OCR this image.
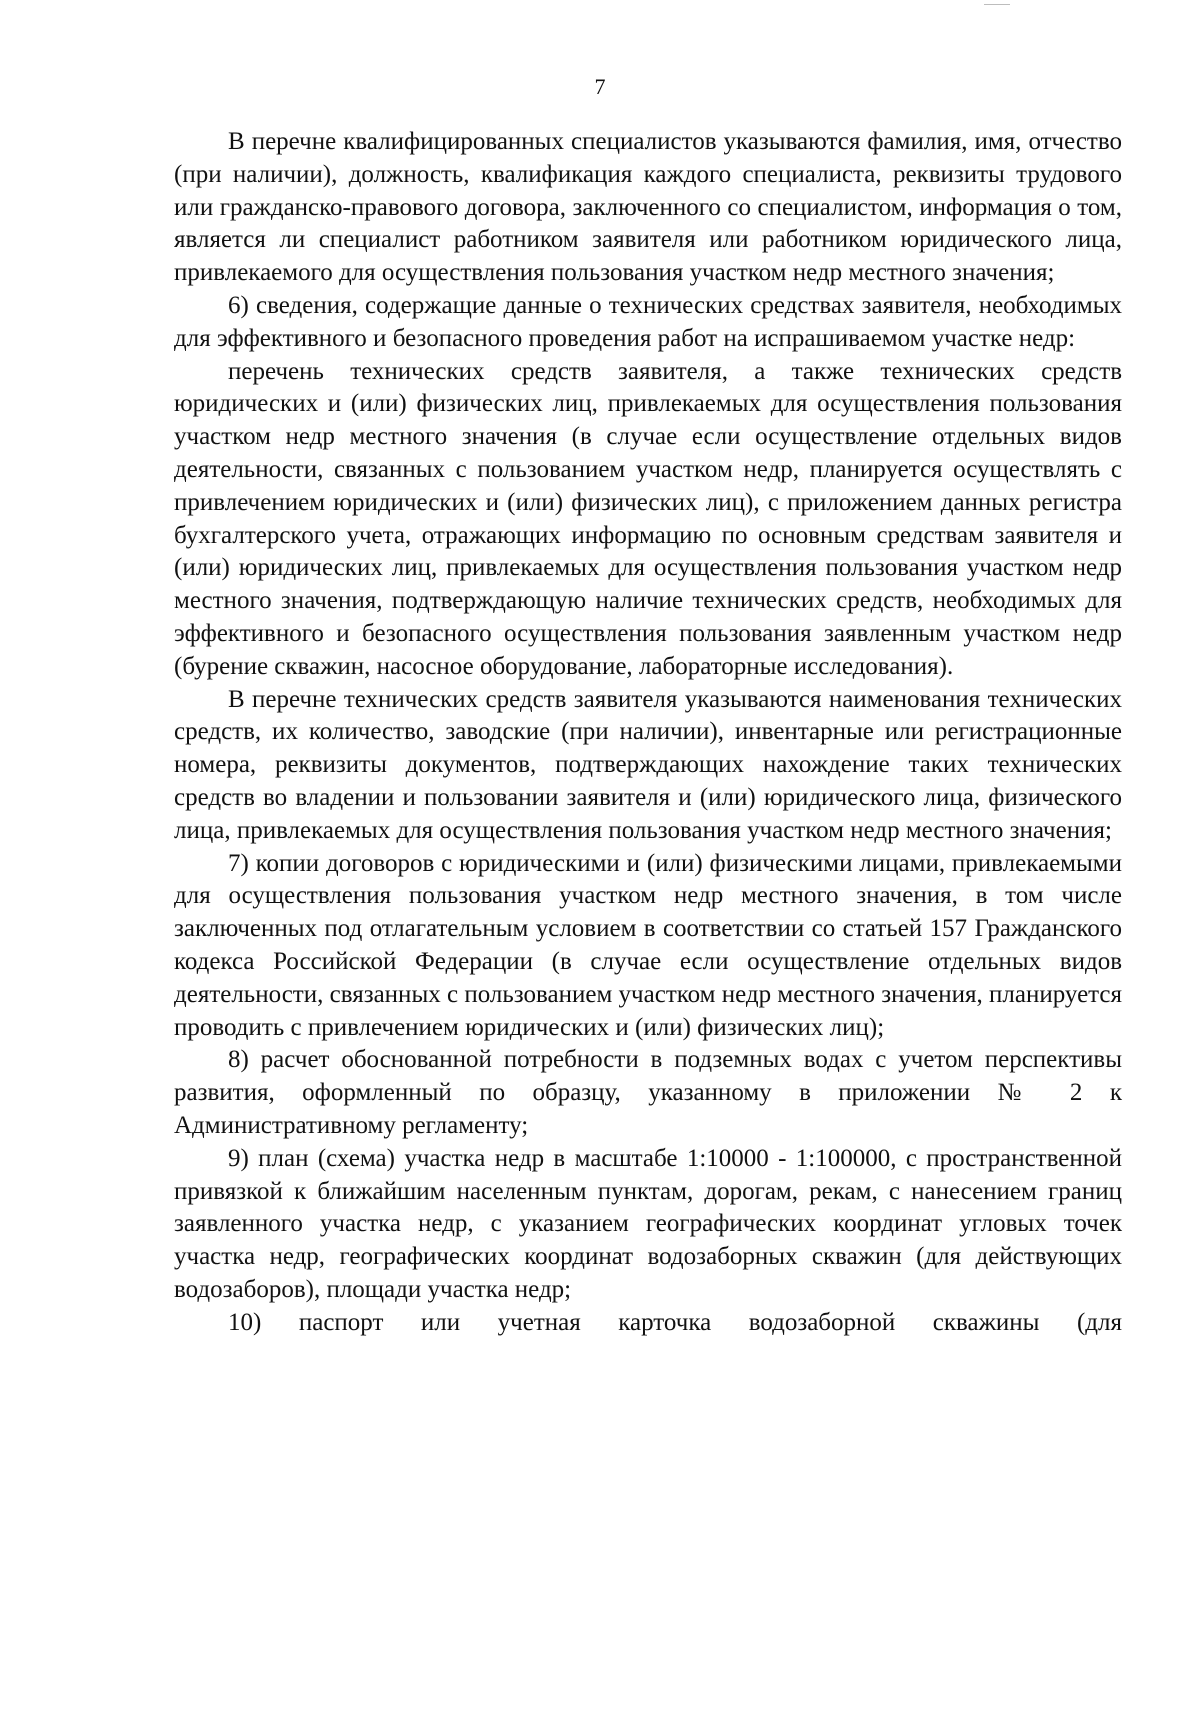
7

В перечне квалифицированных специалистов указываются фамилия, имя, отчество (при наличии), должность, квалификация каждого специалиста, реквизиты трудового или гражданско-правового договора, заключенного со специалистом, информация о том, является ли специалист работником заявителя или работником юридического лица, привлекаемого для осуществления пользования участком недр местного значения;

6) сведения, содержащие данные о технических средствах заявителя, необходимых для эффективного и безопасного проведения работ на испрашиваемом участке недр:

перечень технических средств заявителя, а также технических средств юридических и (или) физических лиц, привлекаемых для осуществления пользования участком недр местного значения (в случае если осуществление отдельных видов деятельности, связанных с пользованием участком недр, планируется осуществлять с привлечением юридических и (или) физических лиц), с приложением данных регистра бухгалтерского учета, отражающих информацию по основным средствам заявителя и (или) юридических лиц, привлекаемых для осуществления пользования участком недр местного значения, подтверждающую наличие технических средств, необходимых для эффективного и безопасного осуществления пользования заявленным участком недр (бурение скважин, насосное оборудование, лабораторные исследования).

В перечне технических средств заявителя указываются наименования технических средств, их количество, заводские (при наличии), инвентарные или регистрационные номера, реквизиты документов, подтверждающих нахождение таких технических средств во владении и пользовании заявителя и (или) юридического лица, физического лица, привлекаемых для осуществления пользования участком недр местного значения;

7) копии договоров с юридическими и (или) физическими лицами, привлекаемыми для осуществления пользования участком недр местного значения, в том числе заключенных под отлагательным условием в соответствии со статьей 157 Гражданского кодекса Российской Федерации (в случае если осуществление отдельных видов деятельности, связанных с пользованием участком недр местного значения, планируется проводить с привлечением юридических и (или) физических лиц);

8) расчет обоснованной потребности в подземных водах с учетом перспективы развития, оформленный по образцу, указанному в приложении № 2 к Административному регламенту;

9) план (схема) участка недр в масштабе 1:10000 - 1:100000, с пространственной привязкой к ближайшим населенным пунктам, дорогам, рекам, с нанесением границ заявленного участка недр, с указанием географических координат угловых точек участка недр, географических координат водозаборных скважин (для действующих водозаборов), площади участка недр;

10) паспорт или учетная карточка водозаборной скважины (для
